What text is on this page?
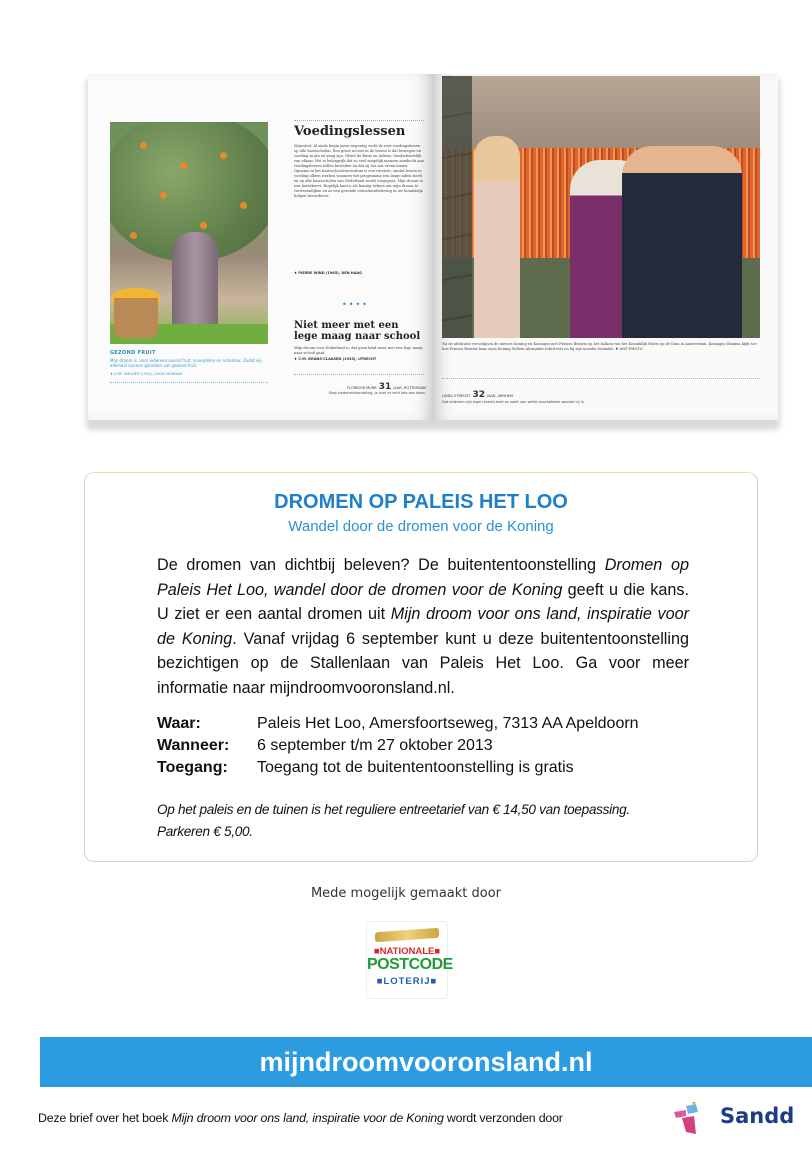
GEZOND FRUIT
Mijn droom is, voor iedereen overal fruit, snoeptelen en notenbar. Zodat wij allemaal kunnen genieten van gezond fruit
♦ JOSÉ UMLINES (1945), LEIDSCHENDAM
Voedingslessen
Majesteit, Al sinds begin jaren negentig vecht ik voor voedingslessen op alle basisscholen. Een groot accent in de lessen is dat bewegen en voeding in yin en yang zijn. Ofwel de Basis en Adrian, Onafscheidelijk van elkaar. Het is belangrijk dat zo veel mogelijk mensen aandacht aan voedingslessen willen besteden en dat zij het nut ervan inzien. Opname in het basisschoolcurriculum is een vereiste, omdat lessen in voeding alleen werken wanneer het programma een lange adem heeft en op alle basisscholen van Nederland wordt toegepast. Mijn droom is een hartekreet. Hopelijk kunt u als koning helpen om mijn droom te verwezenlijken en zo een gezonde eetcultuurbeleving in uw koninkrijk helpen bevorderen.
♦ PIERRE WIND (1965), DEN HAAG
••••
Niet meer met een lege maag naar school
Mijn droom voor Nederland is, dat geen kind meer met een lege maag naar school gaat.
♦ C.M. KRANS-CLAASEN (1935), UTRECHT
FLORIDOR MURR 31 JAAR, ROTTERDAM
Stop kindermishandeling, je kunt er echt iets aan doen.
Na de abdicatie verschijnen de nieuwe Koning en Koningin met Prinses Beatrix op het balkon van het Koninklijk Paleis op de Dam in Amsterdam. Koningin Máxima kijkt toe hoe Prinses Beatrix haar zoon Koning Willem-Alexander feliciteert en hij zijn moeder bedankt. ♦ ANP PHOTO
LINDA UTRECHT 32 JAAR, ARNHEM
Dat iedereen zijn eigen kracht kent en weet van welke onschatbare waarde hij is.
DROMEN OP PALEIS HET LOO
Wandel door de dromen voor de Koning
De dromen van dichtbij beleven? De buitententoonstelling Dromen op Paleis Het Loo, wandel door de dromen voor de Koning geeft u die kans. U ziet er een aantal dromen uit Mijn droom voor ons land, inspiratie voor de Koning. Vanaf vrijdag 6 september kunt u deze buitententoonstelling bezichtigen op de Stallenlaan van Paleis Het Loo. Ga voor meer informatie naar mijndroomvooronsland.nl.
Waar:	Paleis Het Loo, Amersfoortseweg, 7313 AA Apeldoorn
Wanneer:	6 september t/m 27 oktober 2013
Toegang:	Toegang tot de buitententoonstelling is gratis
Op het paleis en de tuinen is het reguliere entreetarief van € 14,50 van toepassing.
Parkeren € 5,00.
Mede mogelijk gemaakt door
■NATIONALE■
POSTCODE
■LOTERIJ■
mijndroomvooronsland.nl
Deze brief over het boek Mijn droom voor ons land, inspiratie voor de Koning wordt verzonden door	Sandd
